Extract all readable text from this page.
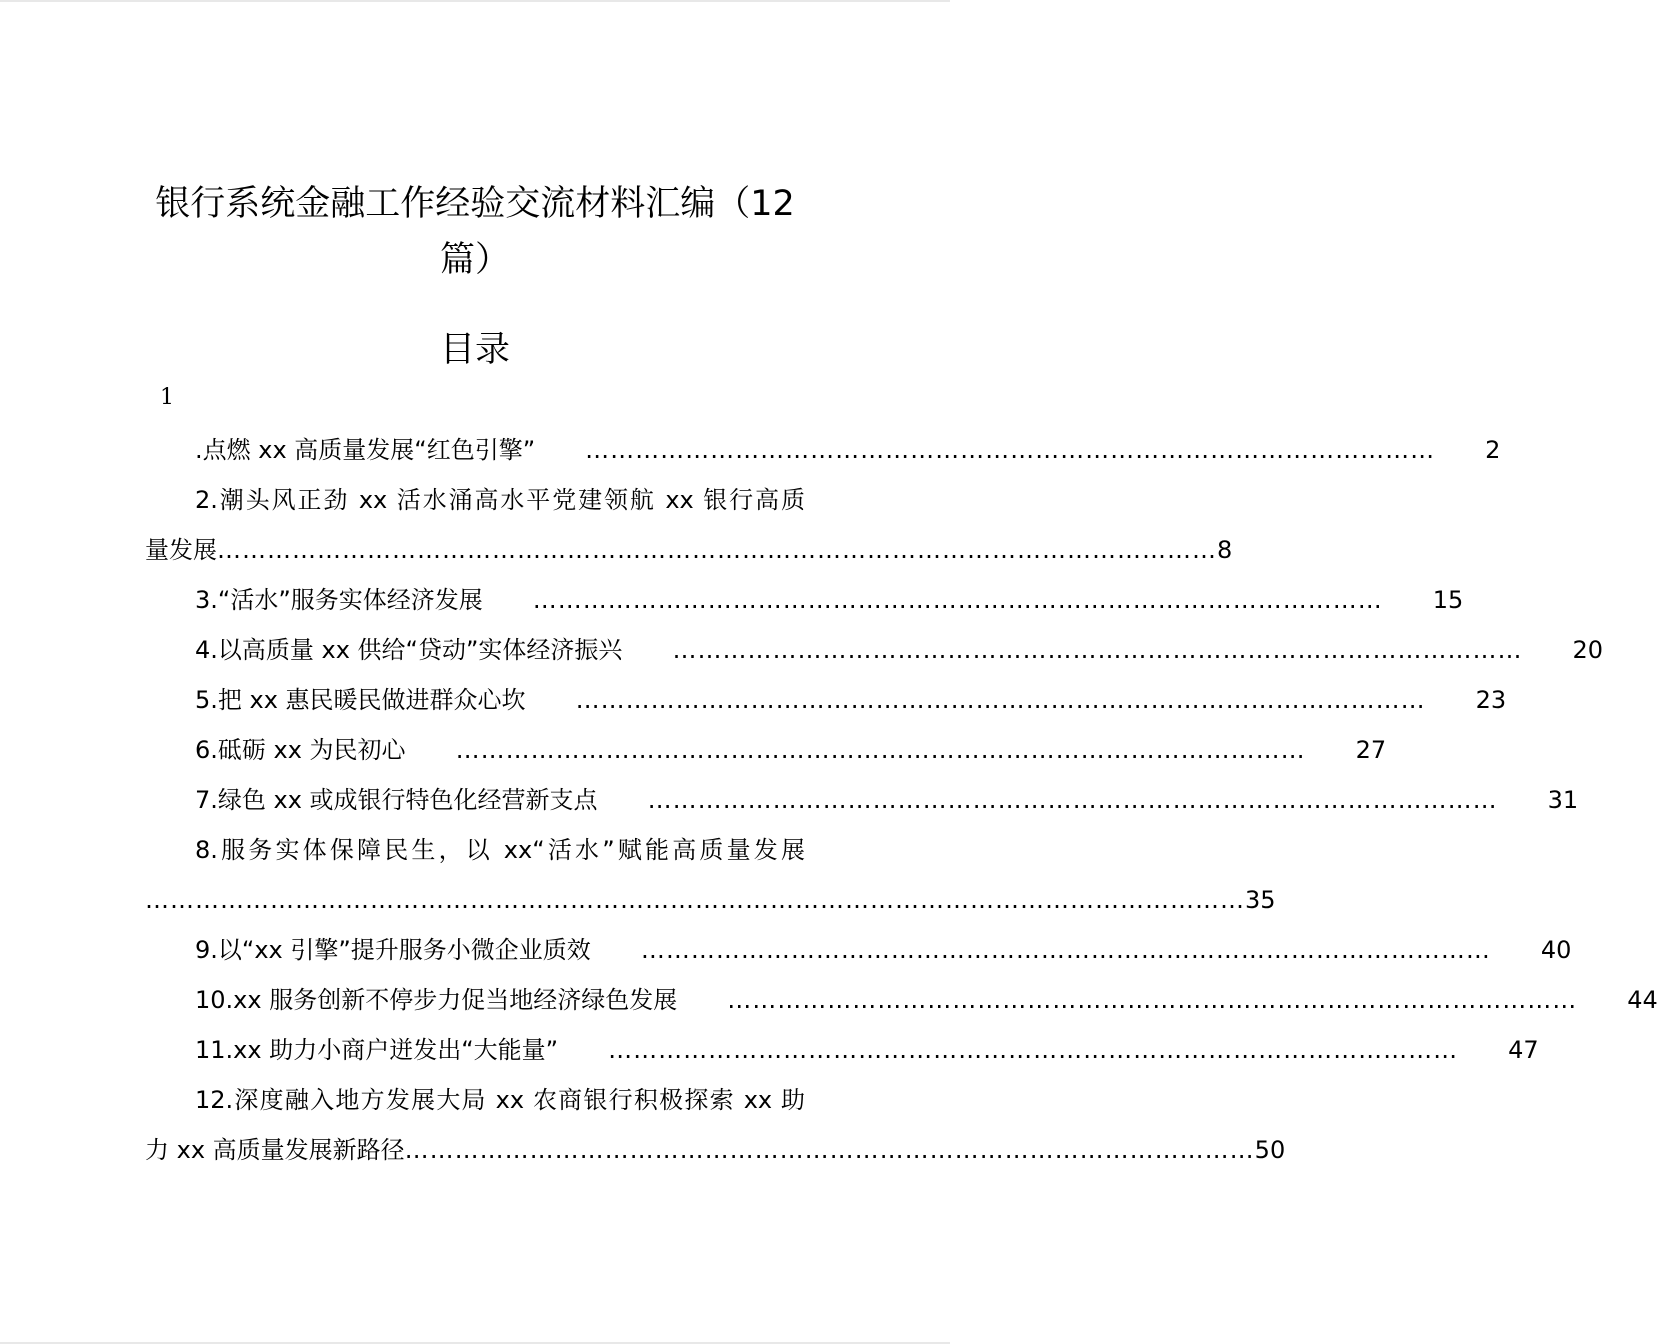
银行系统金融工作经验交流材料汇编（12
篇）
目录
1
.点燃 xx 高质量发展“红色引擎”	…………………………………………………………………………………………	2
2.潮头风正劲 xx 活水涌高水平党建领航 xx 银行高质
量发展 ………………………………………………………………………………………………………… 8
3.“活水”服务实体经济发展	…………………………………………………………………………………………	15
4.以高质量 xx 供给“贷动”实体经济振兴	…………………………………………………………………………………………	20
5.把 xx 惠民暖民做进群众心坎	…………………………………………………………………………………………	23
6.砥砺 xx 为民初心	…………………………………………………………………………………………	27
7.绿色 xx 或成银行特色化经营新支点	…………………………………………………………………………………………	31
8.服务实体保障民生，以 xx“活水”赋能高质量发展
…………………………………………………………………………………………………………………… 35
9.以“xx 引擎”提升服务小微企业质效	…………………………………………………………………………………………	40
10.xx 服务创新不停步力促当地经济绿色发展	…………………………………………………………………………………………	44
11.xx 助力小商户迸发出“大能量”	…………………………………………………………………………………………	47
12.深度融入地方发展大局 xx 农商银行积极探索 xx 助
力 xx 高质量发展新路径 ………………………………………………………………………………………… 50
